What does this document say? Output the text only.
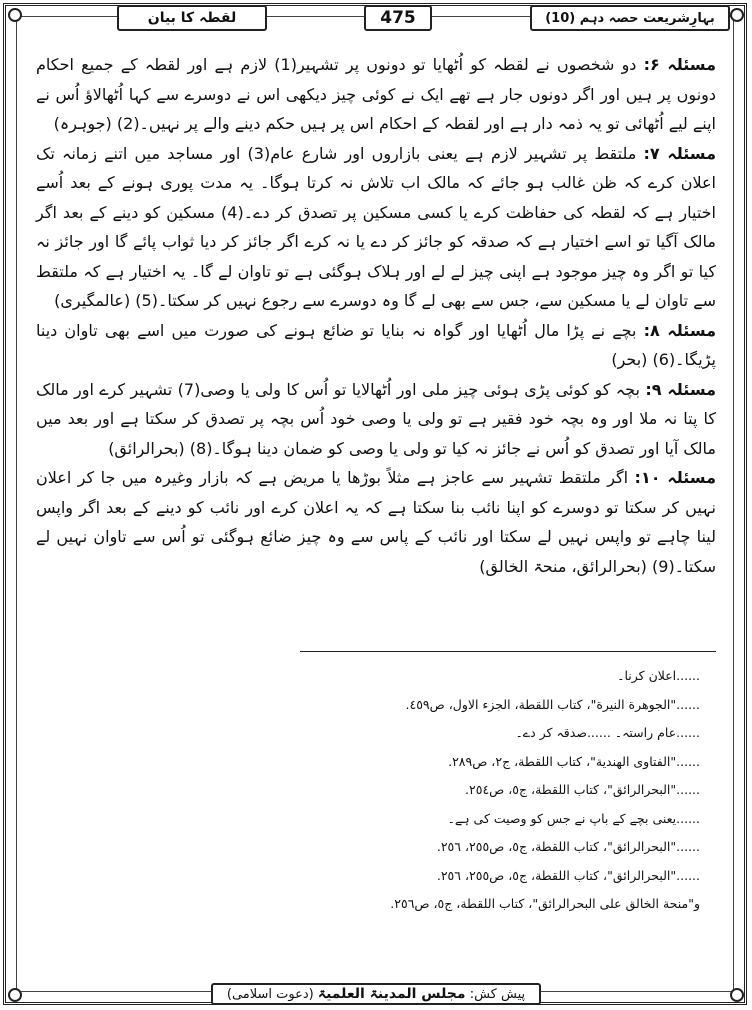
لقطہ کا بیان	475	بہارِشریعت حصہ دہم (10)

مسئلہ ۶: دو شخصوں نے لقطہ کو اُٹھایا تو دونوں پر تشہیر(1) لازم ہے اور لقطہ کے جمیع احکام دونوں پر ہیں اور اگر دونوں جار ہے تھے ایک نے کوئی چیز دیکھی اس نے دوسرے سے کہا اُٹھالاؤ اُس نے اپنے لیے اُٹھائی تو یہ ذمہ دار ہے اور لقطہ کے احکام اس پر ہیں حکم دینے والے پر نہیں۔(2) (جوہرہ)

مسئلہ ۷: ملتقط پر تشہیر لازم ہے یعنی بازاروں اور شارع عام(3) اور مساجد میں اتنے زمانہ تک اعلان کرے کہ ظن غالب ہو جائے کہ مالک اب تلاش نہ کرتا ہوگا۔ یہ مدت پوری ہونے کے بعد اُسے اختیار ہے کہ لقطہ کی حفاظت کرے یا کسی مسکین پر تصدق کر دے۔(4) مسکین کو دینے کے بعد اگر مالک آگیا تو اسے اختیار ہے کہ صدقہ کو جائز کر دے یا نہ کرے اگر جائز کر دیا ثواب پائے گا اور جائز نہ کیا تو اگر وہ چیز موجود ہے اپنی چیز لے لے اور ہلاک ہوگئی ہے تو تاوان لے گا۔ یہ اختیار ہے کہ ملتقط سے تاوان لے یا مسکین سے، جس سے بھی لے گا وہ دوسرے سے رجوع نہیں کر سکتا۔(5) (عالمگیری)

مسئلہ ۸: بچے نے پڑا مال اُٹھایا اور گواہ نہ بنایا تو ضائع ہونے کی صورت میں اسے بھی تاوان دینا پڑیگا۔(6) (بحر)

مسئلہ ۹: بچہ کو کوئی پڑی ہوئی چیز ملی اور اُٹھالایا تو اُس کا ولی یا وصی(7) تشہیر کرے اور مالک کا پتا نہ ملا اور وہ بچہ خود فقیر ہے تو ولی یا وصی خود اُس بچہ پر تصدق کر سکتا ہے اور بعد میں مالک آیا اور تصدق کو اُس نے جائز نہ کیا تو ولی یا وصی کو ضمان دینا ہوگا۔(8) (بحرالرائق)

مسئلہ ۱۰: اگر ملتقط تشہیر سے عاجز ہے مثلاً بوڑھا یا مریض ہے کہ بازار وغیرہ میں جا کر اعلان نہیں کر سکتا تو دوسرے کو اپنا نائب بنا سکتا ہے کہ یہ اعلان کرے اور نائب کو دینے کے بعد اگر واپس لینا چاہے تو واپس نہیں لے سکتا اور نائب کے پاس سے وہ چیز ضائع ہوگئی تو اُس سے تاوان نہیں لے سکتا۔(9) (بحرالرائق، منحۃ الخالق)

......اعلان کرنا۔
......"الجوهرة النيرة"، كتاب اللقطة، الجزء الاول، ص٤٥٩.
......عام راستہ۔ ......صدقہ کر دے۔
......"الفتاوى الهندية"، كتاب اللقطة، ج٢، ص٢٨٩.
......"البحرالرائق"، كتاب اللقطة، ج٥، ص٢٥٤.
......یعنی بچے کے باپ نے جس کو وصیت کی ہے۔
......"البحرالرائق"، كتاب اللقطة، ج٥، ص٢٥٥، ٢٥٦.
......"البحرالرائق"، كتاب اللقطة، ج٥، ص٢٥٥، ٢٥٦.
و"منحة الخالق على البحرالرائق"، كتاب اللقطة، ج٥، ص٢٥٦.
پیش کش: مجلس المدینۃ العلمیۃ (دعوت اسلامی)
